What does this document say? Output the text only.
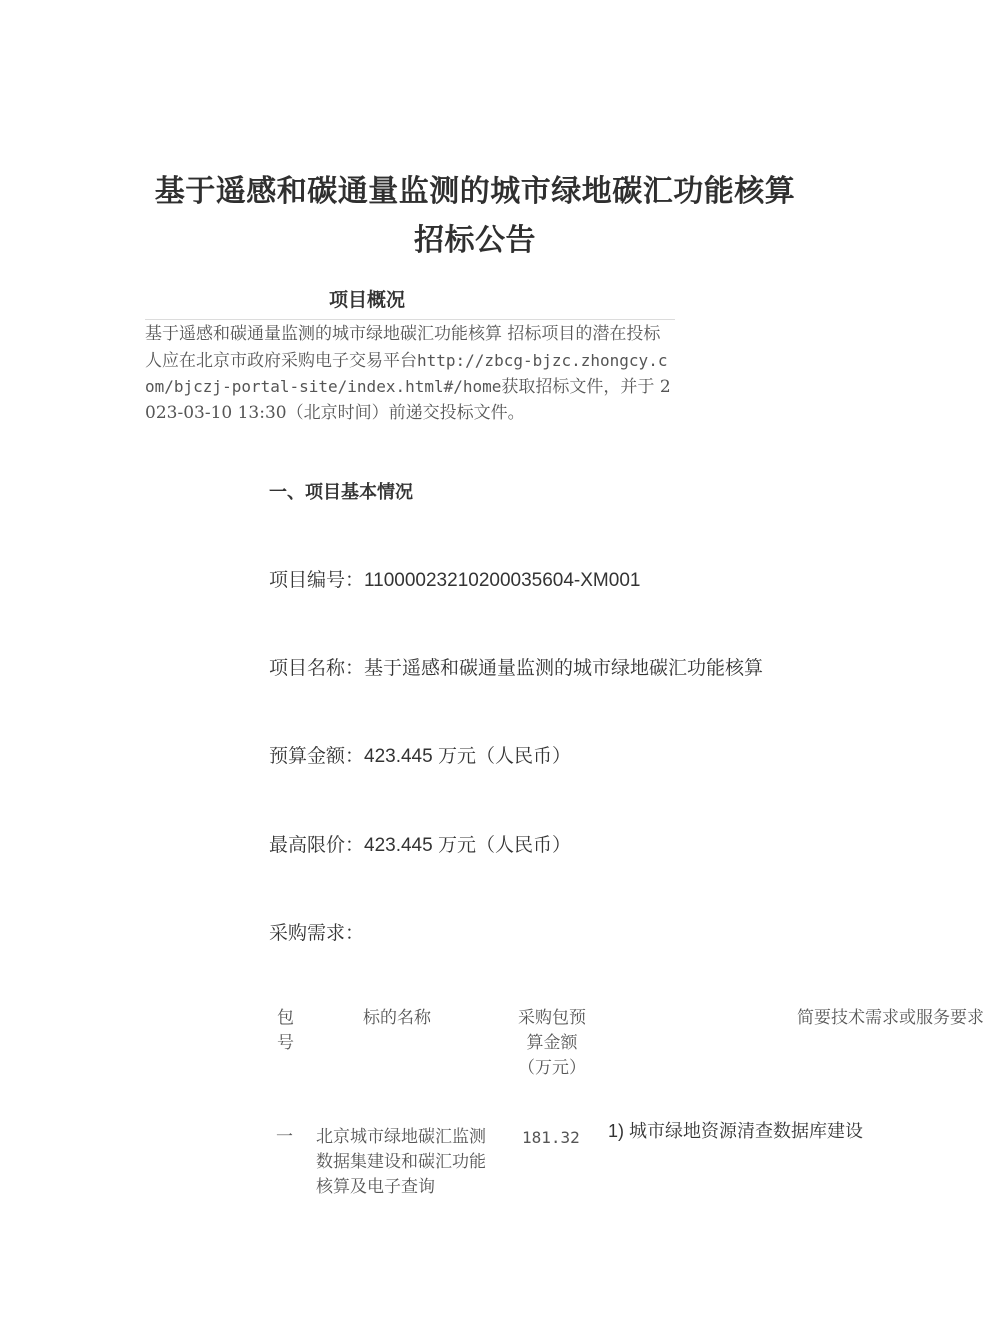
基于遥感和碳通量监测的城市绿地碳汇功能核算
招标公告
项目概况

基于遥感和碳通量监测的城市绿地碳汇功能核算 招标项目的潜在投标人应在北京市政府采购电子交易平台http://zbcg-bjzc.zhongcy.com/bjczj-portal-site/index.html#/home获取招标文件，并于 2023-03-10 13:30（北京时间）前递交投标文件。

一、项目基本情况

项目编号：11000023210200035604-XM001

项目名称：基于遥感和碳通量监测的城市绿地碳汇功能核算

预算金额：423.445 万元（人民币）

最高限价：423.445 万元（人民币）

采购需求：

包号
标的名称	采购包预算金额（万元）
简要技术需求或服务要求
一 北京城市绿地碳汇监测数据集建设和碳汇功能核算及电子查询
181.32 1) 城市绿地资源清查数据库建设
